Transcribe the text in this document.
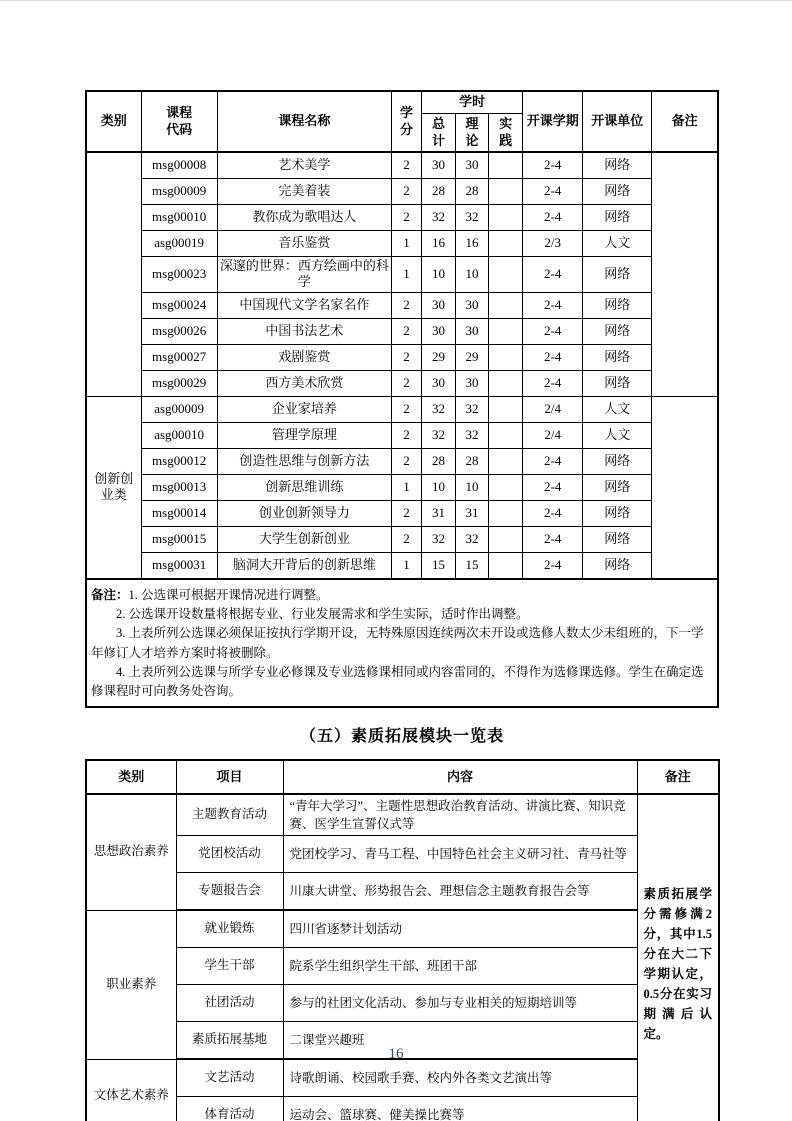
类别	课程代码	课程名称	学分	学时			开课学期	开课单位	备注
				总计	理论	实践			
	msg00008	艺术美学	2	30	30		2-4	网络	
	msg00009	完美着装	2	28	28		2-4	网络	
	msg00010	教你成为歌唱达人	2	32	32		2-4	网络	
	asg00019	音乐鉴赏	1	16	16		2/3	人文	
	msg00023	深邃的世界：西方绘画中的科学	1	10	10		2-4	网络	
	msg00024	中国现代文学名家名作	2	30	30		2-4	网络	
	msg00026	中国书法艺术	2	30	30		2-4	网络	
	msg00027	戏剧鉴赏	2	29	29		2-4	网络	
	msg00029	西方美术欣赏	2	30	30		2-4	网络	
创新创业类	asg00009	企业家培养	2	32	32		2/4	人文	
	asg00010	管理学原理	2	32	32		2/4	人文	
	msg00012	创造性思维与创新方法	2	28	28		2-4	网络	
	msg00013	创新思维训练	1	10	10		2-4	网络	
	msg00014	创业创新领导力	2	31	31		2-4	网络	
	msg00015	大学生创新创业	2	32	32		2-4	网络	
	msg00031	脑洞大开背后的创新思维	1	15	15		2-4	网络	

备注：1. 公选课可根据开课情况进行调整。
2. 公选课开设数量将根据专业、行业发展需求和学生实际，适时作出调整。
3. 上表所列公选课必须保证按执行学期开设，无特殊原因连续两次未开设或选修人数太少未组班的，下一学年修订人才培养方案时将被删除。
4. 上表所列公选课与所学专业必修课及专业选修课相同或内容雷同的，不得作为选修课选修。学生在确定选修课程时可向教务处咨询。									
（五）素质拓展模块一览表
类别	项目	内容	备注
思想政治素养	主题教育活动	“青年大学习”、主题性思想政治教育活动、讲演比赛、知识竞赛、医学生宣誓仪式等	素质拓展学分需修满2分，其中1.5分在大二下学期认定，0.5分在实习期满后认定。
	党团校活动	党团校学习、青马工程、中国特色社会主义研习社、青马社等	
	专题报告会	川康大讲堂、形势报告会、理想信念主题教育报告会等	
职业素养	就业锻炼	四川省逐梦计划活动	
	学生干部	院系学生组织学生干部、班团干部	
	社团活动	参与的社团文化活动、参加与专业相关的短期培训等	
	素质拓展基地	二课堂兴趣班	
文体艺术素养	文艺活动	诗歌朗诵、校园歌手赛、校内外各类文艺演出等	
	体育活动	运动会、篮球赛、健美操比赛等	
16
